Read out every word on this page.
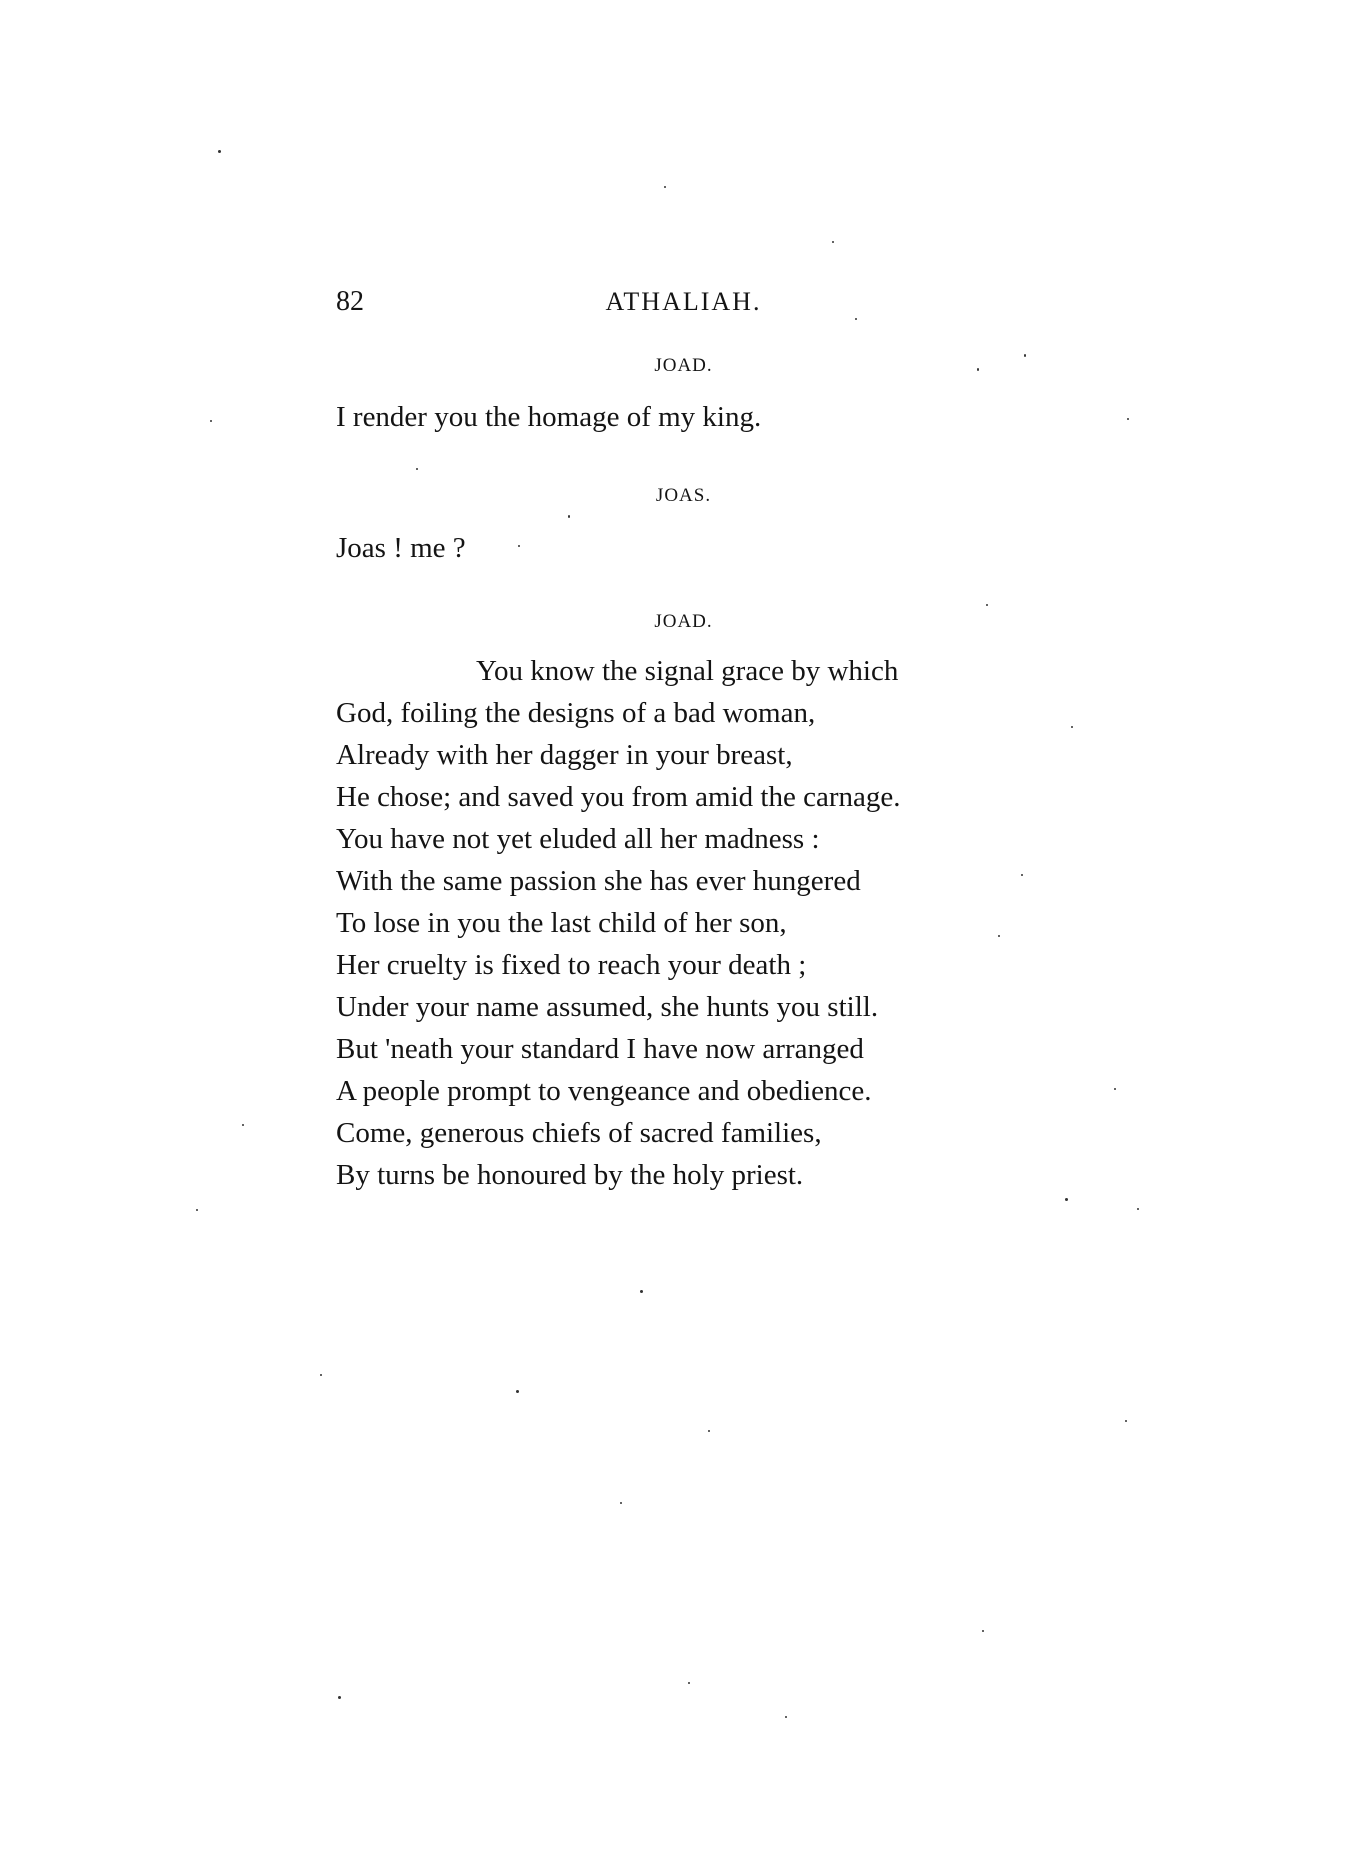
82	ATHALIAH.
JOAD.
I render you the homage of my king.
JOAS.
Joas ! me ?
JOAD.
You know the signal grace by which
God, foiling the designs of a bad woman,
Already with her dagger in your breast,
He chose; and saved you from amid the carnage.
You have not yet eluded all her madness :
With the same passion she has ever hungered
To lose in you the last child of her son,
Her cruelty is fixed to reach your death ;
Under your name assumed, she hunts you still.
But 'neath your standard I have now arranged
A people prompt to vengeance and obedience.
Come, generous chiefs of sacred families,
By turns be honoured by the holy priest.
